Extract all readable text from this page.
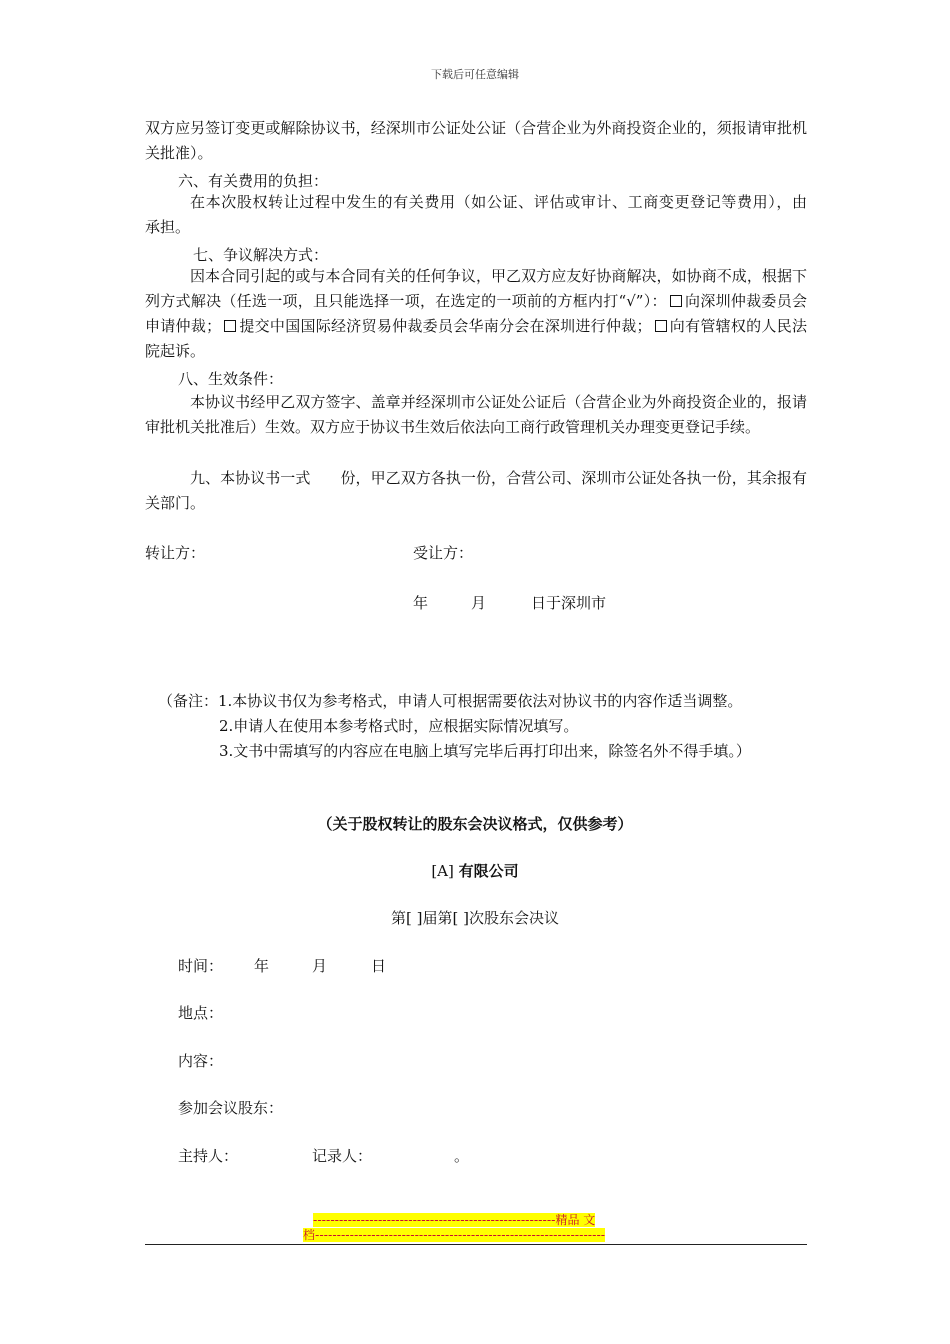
下载后可任意编辑
双方应另签订变更或解除协议书，经深圳市公证处公证（合营企业为外商投资企业的，须报请审批机关批准）。
六、有关费用的负担：
在本次股权转让过程中发生的有关费用（如公证、评估或审计、工商变更登记等费用），由　　　　　　承担。
七、争议解决方式：
因本合同引起的或与本合同有关的任何争议，甲乙双方应友好协商解决，如协商不成，根据下列方式解决（任选一项，且只能选择一项，在选定的一项前的方框内打“√”）： 向深圳仲裁委员会申请仲裁； 提交中国国际经济贸易仲裁委员会华南分会在深圳进行仲裁； 向有管辖权的人民法院起诉。
八、生效条件：
本协议书经甲乙双方签字、盖章并经深圳市公证处公证后（合营企业为外商投资企业的，报请审批机关批准后）生效。双方应于协议书生效后依法向工商行政管理机关办理变更登记手续。
九、本协议书一式　　份，甲乙双方各执一份，合营公司、深圳市公证处各执一份，其余报有关部门。
转让方：	受让方：
年	月	日于深圳市
（备注：1.本协议书仅为参考格式，申请人可根据需要依法对协议书的内容作适当调整。
2.申请人在使用本参考格式时，应根据实际情况填写。
3.文书中需填写的内容应在电脑上填写完毕后再打印出来，除签名外不得手填。）
（关于股权转让的股东会决议格式，仅供参考）
[A] 有限公司
第[ ]届第[ ]次股东会决议
时间： 年	月	日
地点：
内容：
参加会议股东：
主持人：	记录人：	。
--------------------------------------------------------精品 文
档-------------------------------------------------------------------
